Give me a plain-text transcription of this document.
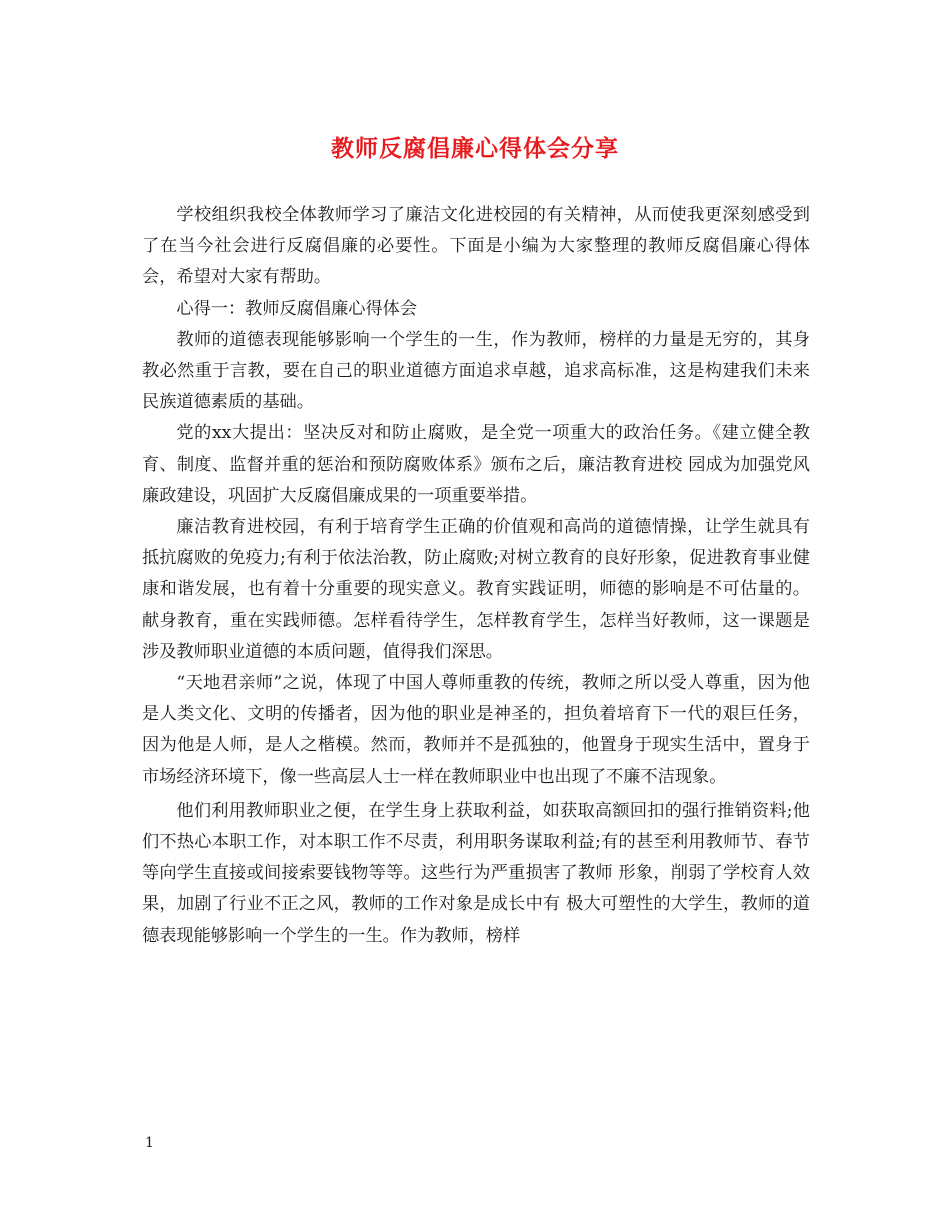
教师反腐倡廉心得体会分享

学校组织我校全体教师学习了廉洁文化进校园的有关精神，从而使我更深刻感受到了在当今社会进行反腐倡廉的必要性。下面是小编为大家整理的教师反腐倡廉心得体会，希望对大家有帮助。

心得一：教师反腐倡廉心得体会

教师的道德表现能够影响一个学生的一生，作为教师，榜样的力量是无穷的，其身教必然重于言教，要在自己的职业道德方面追求卓越，追求高标准，这是构建我们未来民族道德素质的基础。

党的xx大提出：坚决反对和防止腐败，是全党一项重大的政治任务。《建立健全教育、制度、监督并重的惩治和预防腐败体系》颁布之后，廉洁教育进校 园成为加强党风廉政建设，巩固扩大反腐倡廉成果的一项重要举措。

廉洁教育进校园，有利于培育学生正确的价值观和高尚的道德情操，让学生就具有抵抗腐败的免疫力;有利于依法治教，防止腐败;对树立教育的良好形象，促进教育事业健康和谐发展，也有着十分重要的现实意义。教育实践证明，师德的影响是不可估量的。献身教育，重在实践师德。怎样看待学生，怎样教育学生，怎样当好教师，这一课题是涉及教师职业道德的本质问题，值得我们深思。

“天地君亲师”之说，体现了中国人尊师重教的传统，教师之所以受人尊重，因为他是人类文化、文明的传播者，因为他的职业是神圣的，担负着培育下一代的艰巨任务，因为他是人师，是人之楷模。然而，教师并不是孤独的，他置身于现实生活中，置身于市场经济环境下，像一些高层人士一样在教师职业中也出现了不廉不洁现象。

他们利用教师职业之便，在学生身上获取利益，如获取高额回扣的强行推销资料;他们不热心本职工作，对本职工作不尽责，利用职务谋取利益;有的甚至利用教师节、春节等向学生直接或间接索要钱物等等。这些行为严重损害了教师 形象，削弱了学校育人效果，加剧了行业不正之风，教师的工作对象是成长中有 极大可塑性的大学生，教师的道德表现能够影响一个学生的一生。作为教师，榜样

1
